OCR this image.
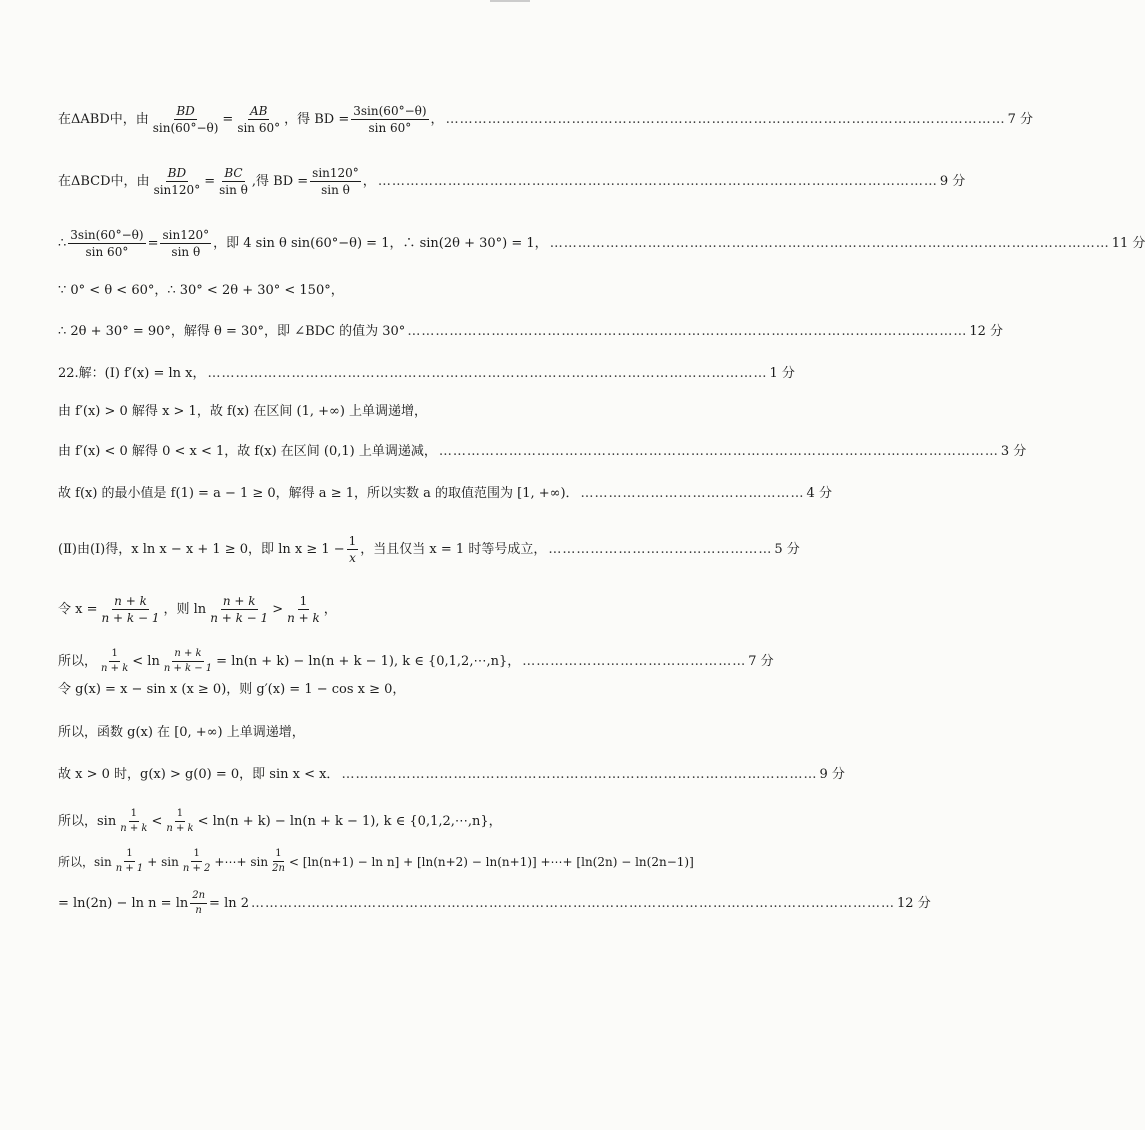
在ΔABD中，由 $\frac{BD}{\sin(60^\circ-\theta)} = \frac{AB}{\sin 60^\circ}$ ，得 BD = $\frac{3\sin(60^\circ-\theta)}{\sin 60^\circ}$ ， ………………………………………………………………………………………………………… 7 分
在ΔBCD中，由 $\frac{BD}{\sin 120^\circ} = \frac{BC}{\text{sin θ}}$ ,得 BD = $\frac{\sin 120^\circ}{\text{sin θ}}$ ， ………………………………………………………………………………………………………… 9 分
∴ $\frac{3\sin(60^\circ-\theta)}{\sin 60^\circ} = \frac{\sin 120^\circ}{\text{sin θ}}$ ，即 4 sin θ sin(60°−θ) = 1，∴ sin(2θ + 30°) = 1， ………………………………………………………………………………………………………… 11 分
∵ 0° < θ < 60°，∴ 30° < 2θ + 30° < 150°，
∴ 2θ + 30° = 90°，解得 θ = 30°，即 ∠BDC 的值为 30° ………………………………………………………………………………………………………… 12 分
22.解：(Ⅰ) f′(x) = ln x， ………………………………………………………………………………………………………… 1 分
由 f′(x) > 0 解得 x > 1，故 f(x) 在区间 (1, +∞) 上单调递增，
由 f′(x) < 0 解得 0 < x < 1，故 f(x) 在区间 (0,1) 上单调递减， ………………………………………………………………………………………………………… 3 分
故 f(x) 的最小值是 f(1) = a − 1 ≥ 0，解得 a ≥ 1，所以实数 a 的取值范围为 [1, +∞)． ………………………………………… 4 分
(Ⅱ)由(Ⅰ)得，x ln x − x + 1 ≥ 0，即 $\ln x \ge 1 - \frac{1}{x}$ ，当且仅当 x = 1 时等号成立， ………………………………………… 5 分
令 $x = \frac{n + k}{n + k - 1}$ ，则 $\ln \frac{n + k}{n + k - 1} > \frac{1}{n + k}$ ，
所以， $\frac{1}{n + k} < \ln \frac{n + k}{n + k - 1} = \ln(n + k) - \ln(n + k - 1)$, k ∈ {0,1,2,⋯,n}， ………………………………………… 7 分
令 g(x) = x − sin x (x ≥ 0)，则 g′(x) = 1 − cos x ≥ 0，
所以，函数 g(x) 在 [0, +∞) 上单调递增，
故 x > 0 时，g(x) > g(0) = 0，即 sin x < x． ………………………………………………………………………………………… 9 分
所以，$\sin \frac{1}{n + k} < \frac{1}{n + k} < \ln(n + k) - \ln(n + k - 1)$, k ∈ {0,1,2,⋯,n}，
所以，$\sin \frac{1}{n + 1} + \sin \frac{1}{n + 2}$ +⋯+ $\sin \frac{1}{2n} < [\ln(n+1) - \ln n] + [\ln(n+2) - \ln(n+1)]$ +⋯+ [ln(2n) − ln(2n−1)]
= $\ln(2n) - \ln n = \ln \frac{2n}{n} = \ln 2$ ………………………………………………………………………………………………………………………… 12 分
